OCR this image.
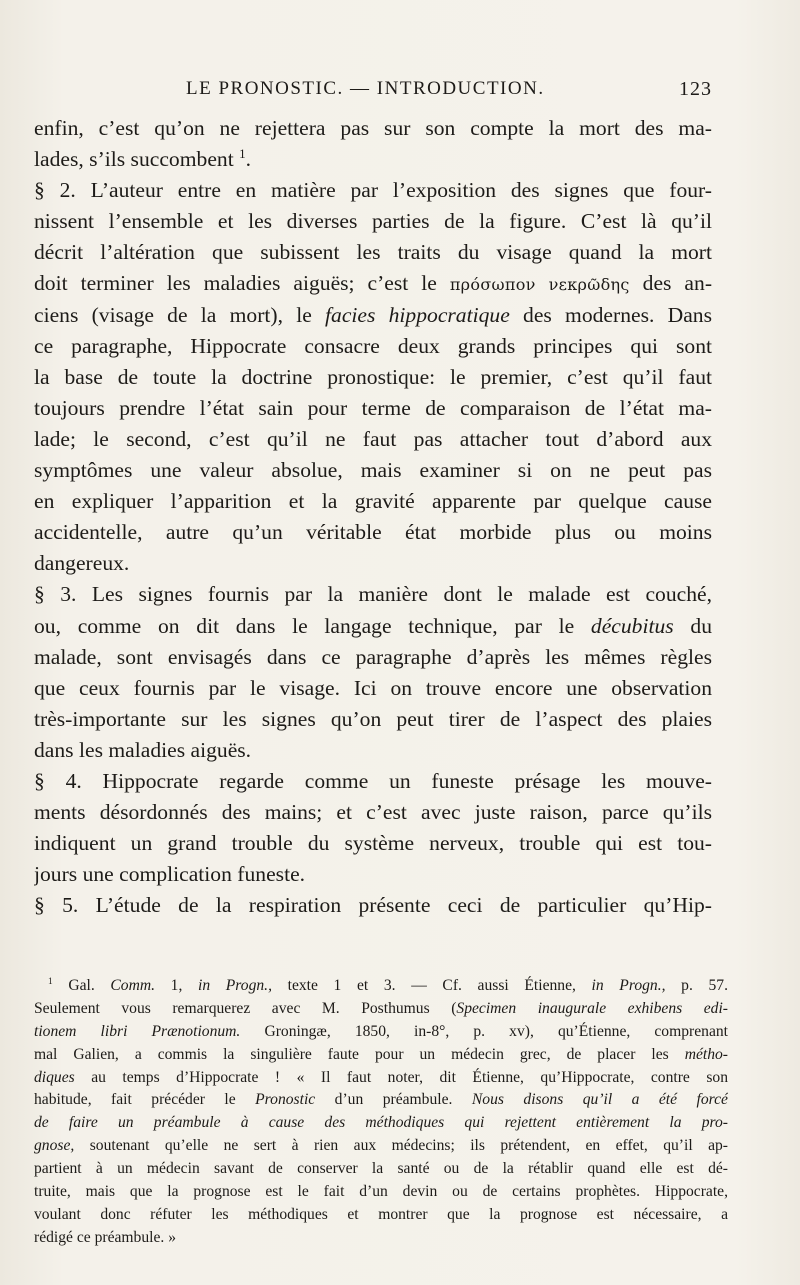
LE PRONOSTIC. — INTRODUCTION.	123
enfin, c’est qu’on ne rejettera pas sur son compte la mort des ma-
lades, s’ils succombent $^1$.
§ 2. L’auteur entre en matière par l’exposition des signes que four-
nissent l’ensemble et les diverses parties de la figure. C’est là qu’il
décrit l’altération que subissent les traits du visage quand la mort
doit terminer les maladies aiguës; c’est le πρόσωπον νεκρῶδης des an-
ciens (visage de la mort), le facies hippocratique des modernes. Dans
ce paragraphe, Hippocrate consacre deux grands principes qui sont
la base de toute la doctrine pronostique: le premier, c’est qu’il faut
toujours prendre l’état sain pour terme de comparaison de l’état ma-
lade; le second, c’est qu’il ne faut pas attacher tout d’abord aux
symptômes une valeur absolue, mais examiner si on ne peut pas
en expliquer l’apparition et la gravité apparente par quelque cause
accidentelle, autre qu’un véritable état morbide plus ou moins
dangereux.
§ 3. Les signes fournis par la manière dont le malade est couché,
ou, comme on dit dans le langage technique, par le décubitus du
malade, sont envisagés dans ce paragraphe d’après les mêmes règles
que ceux fournis par le visage. Ici on trouve encore une observation
très-importante sur les signes qu’on peut tirer de l’aspect des plaies
dans les maladies aiguës.
§ 4. Hippocrate regarde comme un funeste présage les mouve-
ments désordonnés des mains; et c’est avec juste raison, parce qu’ils
indiquent un grand trouble du système nerveux, trouble qui est tou-
jours une complication funeste.
§ 5. L’étude de la respiration présente ceci de particulier qu’Hip-
$^1$ Gal. Comm. 1, in Progn., texte 1 et 3. — Cf. aussi Étienne, in Progn., p. 57.
Seulement vous remarquerez avec M. Posthumus (Specimen inaugurale exhibens edi-
tionem libri Prænotionum. Groningæ, 1850, in-8°, p. xv), qu’Étienne, comprenant
mal Galien, a commis la singulière faute pour un médecin grec, de placer les métho-
diques au temps d’Hippocrate ! « Il faut noter, dit Étienne, qu’Hippocrate, contre son
habitude, fait précéder le Pronostic d’un préambule. Nous disons qu’il a été forcé
de faire un préambule à cause des méthodiques qui rejettent entièrement la pro-
gnose, soutenant qu’elle ne sert à rien aux médecins; ils prétendent, en effet, qu’il ap-
partient à un médecin savant de conserver la santé ou de la rétablir quand elle est dé-
truite, mais que la prognose est le fait d’un devin ou de certains prophètes. Hippocrate,
voulant donc réfuter les méthodiques et montrer que la prognose est nécessaire, a
rédigé ce préambule. »
